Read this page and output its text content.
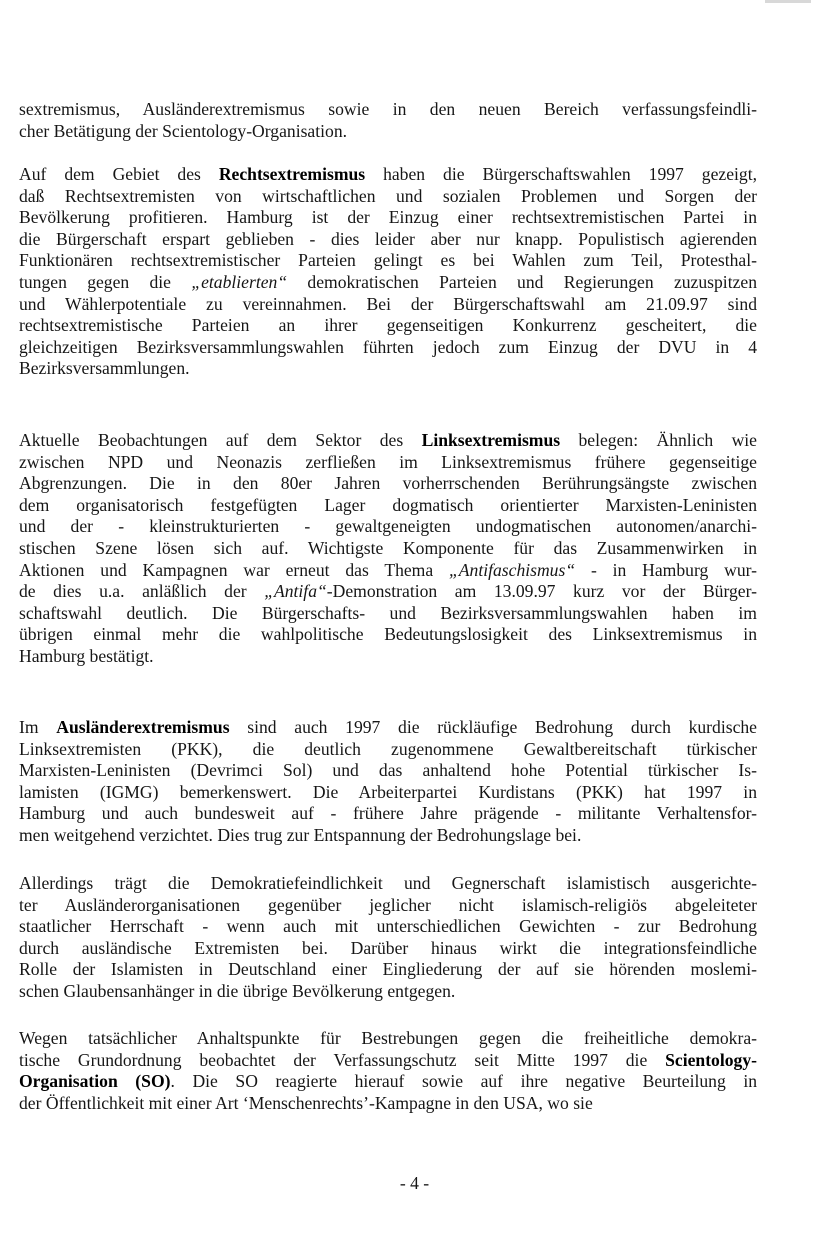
sextremismus, Ausländerextremismus sowie in den neuen Bereich verfassungsfeindli-
cher Betätigung der Scientology-Organisation.
Auf dem Gebiet des Rechtsextremismus haben die Bürgerschaftswahlen 1997 gezeigt,
daß Rechtsextremisten von wirtschaftlichen und sozialen Problemen und Sorgen der
Bevölkerung profitieren. Hamburg ist der Einzug einer rechtsextremistischen Partei in
die Bürgerschaft erspart geblieben - dies leider aber nur knapp. Populistisch agierenden
Funktionären rechtsextremistischer Parteien gelingt es bei Wahlen zum Teil, Protesthal-
tungen gegen die „etablierten“ demokratischen Parteien und Regierungen zuzuspitzen
und Wählerpotentiale zu vereinnahmen. Bei der Bürgerschaftswahl am 21.09.97 sind
rechtsextremistische Parteien an ihrer gegenseitigen Konkurrenz gescheitert, die
gleichzeitigen Bezirksversammlungswahlen führten jedoch zum Einzug der DVU in 4
Bezirksversammlungen.
Aktuelle Beobachtungen auf dem Sektor des Linksextremismus belegen: Ähnlich wie
zwischen NPD und Neonazis zerfließen im Linksextremismus frühere gegenseitige
Abgrenzungen. Die in den 80er Jahren vorherrschenden Berührungsängste zwischen
dem organisatorisch festgefügten Lager dogmatisch orientierter Marxisten-Leninisten
und der - kleinstrukturierten - gewaltgeneigten undogmatischen autonomen/anarchi-
stischen Szene lösen sich auf. Wichtigste Komponente für das Zusammenwirken in
Aktionen und Kampagnen war erneut das Thema „Antifaschismus“ - in Hamburg wur-
de dies u.a. anläßlich der „Antifa“-Demonstration am 13.09.97 kurz vor der Bürger-
schaftswahl deutlich. Die Bürgerschafts- und Bezirksversammlungswahlen haben im
übrigen einmal mehr die wahlpolitische Bedeutungslosigkeit des Linksextremismus in
Hamburg bestätigt.
Im Ausländerextremismus sind auch 1997 die rückläufige Bedrohung durch kurdische
Linksextremisten (PKK), die deutlich zugenommene Gewaltbereitschaft türkischer
Marxisten-Leninisten (Devrimci Sol) und das anhaltend hohe Potential türkischer Is-
lamisten (IGMG) bemerkenswert. Die Arbeiterpartei Kurdistans (PKK) hat 1997 in
Hamburg und auch bundesweit auf - frühere Jahre prägende - militante Verhaltensfor-
men weitgehend verzichtet. Dies trug zur Entspannung der Bedrohungslage bei.
Allerdings trägt die Demokratiefeindlichkeit und Gegnerschaft islamistisch ausgerichte-
ter Ausländerorganisationen gegenüber jeglicher nicht islamisch-religiös abgeleiteter
staatlicher Herrschaft - wenn auch mit unterschiedlichen Gewichten - zur Bedrohung
durch ausländische Extremisten bei. Darüber hinaus wirkt die integrationsfeindliche
Rolle der Islamisten in Deutschland einer Eingliederung der auf sie hörenden moslemi-
schen Glaubensanhänger in die übrige Bevölkerung entgegen.
Wegen tatsächlicher Anhaltspunkte für Bestrebungen gegen die freiheitliche demokra-
tische Grundordnung beobachtet der Verfassungschutz seit Mitte 1997 die Scientology-
Organisation (SO). Die SO reagierte hierauf sowie auf ihre negative Beurteilung in
der Öffentlichkeit mit einer Art ‘Menschenrechts’-Kampagne in den USA, wo sie
- 4 -
